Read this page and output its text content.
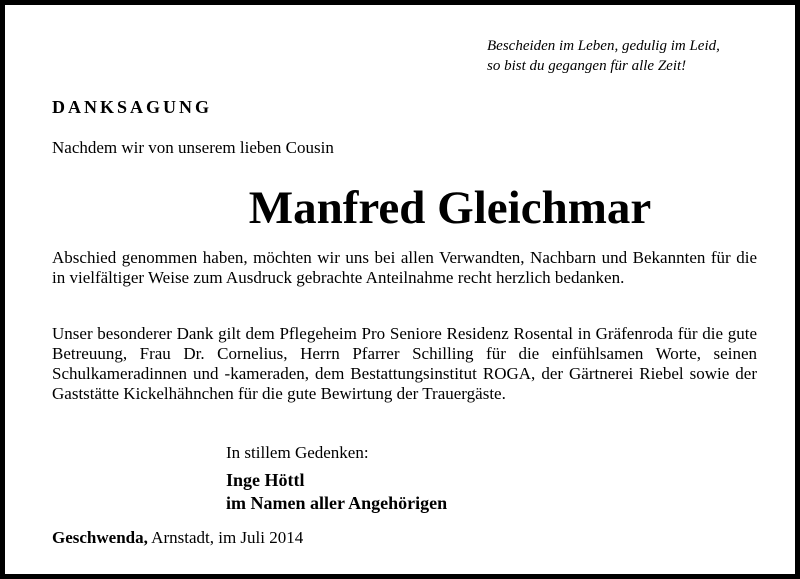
Bescheiden im Leben, gedulig im Leid,
so bist du gegangen für alle Zeit!
DANKSAGUNG
Nachdem wir von unserem lieben Cousin
Manfred Gleichmar
Abschied genommen haben, möchten wir uns bei allen Verwandten, Nachbarn und Bekannten für die in vielfältiger Weise zum Ausdruck gebrachte Anteilnahme recht herzlich bedanken.
Unser besonderer Dank gilt dem Pflegeheim Pro Seniore Residenz Rosental in Gräfenroda für die gute Betreuung, Frau Dr. Cornelius, Herrn Pfarrer Schilling für die einfühlsamen Worte, seinen Schulkameradinnen und -kameraden, dem Bestattungsinstitut ROGA, der Gärtnerei Riebel sowie der Gaststätte Kickelhähnchen für die gute Bewirtung der Trauergäste.
In stillem Gedenken:
Inge Höttl
im Namen aller Angehörigen
Geschwenda, Arnstadt, im Juli 2014
